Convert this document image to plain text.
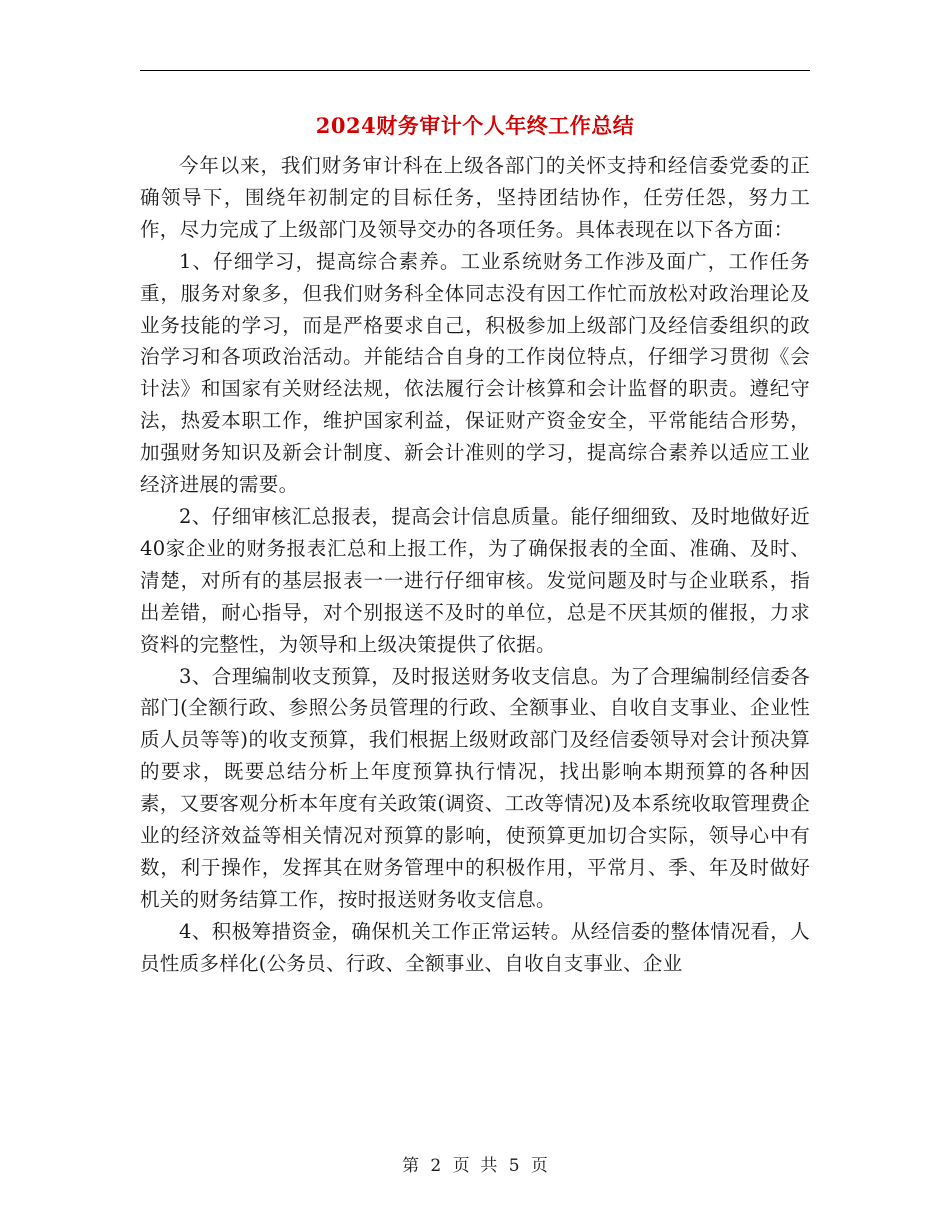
2024财务审计个人年终工作总结

今年以来，我们财务审计科在上级各部门的关怀支持和经信委党委的正确领导下，围绕年初制定的目标任务，坚持团结协作，任劳任怨，努力工作，尽力完成了上级部门及领导交办的各项任务。具体表现在以下各方面：

1、仔细学习，提高综合素养。工业系统财务工作涉及面广，工作任务重，服务对象多，但我们财务科全体同志没有因工作忙而放松对政治理论及业务技能的学习，而是严格要求自己，积极参加上级部门及经信委组织的政治学习和各项政治活动。并能结合自身的工作岗位特点，仔细学习贯彻《会计法》和国家有关财经法规，依法履行会计核算和会计监督的职责。遵纪守法，热爱本职工作，维护国家利益，保证财产资金安全，平常能结合形势，加强财务知识及新会计制度、新会计准则的学习，提高综合素养以适应工业经济进展的需要。

2、仔细审核汇总报表，提高会计信息质量。能仔细细致、及时地做好近40家企业的财务报表汇总和上报工作，为了确保报表的全面、准确、及时、清楚，对所有的基层报表一一进行仔细审核。发觉问题及时与企业联系，指出差错，耐心指导，对个别报送不及时的单位，总是不厌其烦的催报，力求资料的完整性，为领导和上级决策提供了依据。

3、合理编制收支预算，及时报送财务收支信息。为了合理编制经信委各部门(全额行政、参照公务员管理的行政、全额事业、自收自支事业、企业性质人员等等)的收支预算，我们根据上级财政部门及经信委领导对会计预决算的要求，既要总结分析上年度预算执行情况，找出影响本期预算的各种因素，又要客观分析本年度有关政策(调资、工改等情况)及本系统收取管理费企业的经济效益等相关情况对预算的影响，使预算更加切合实际，领导心中有数，利于操作，发挥其在财务管理中的积极作用，平常月、季、年及时做好机关的财务结算工作，按时报送财务收支信息。

4、积极筹措资金，确保机关工作正常运转。从经信委的整体情况看，人员性质多样化(公务员、行政、全额事业、自收自支事业、企业

第 2 页  共 5 页
